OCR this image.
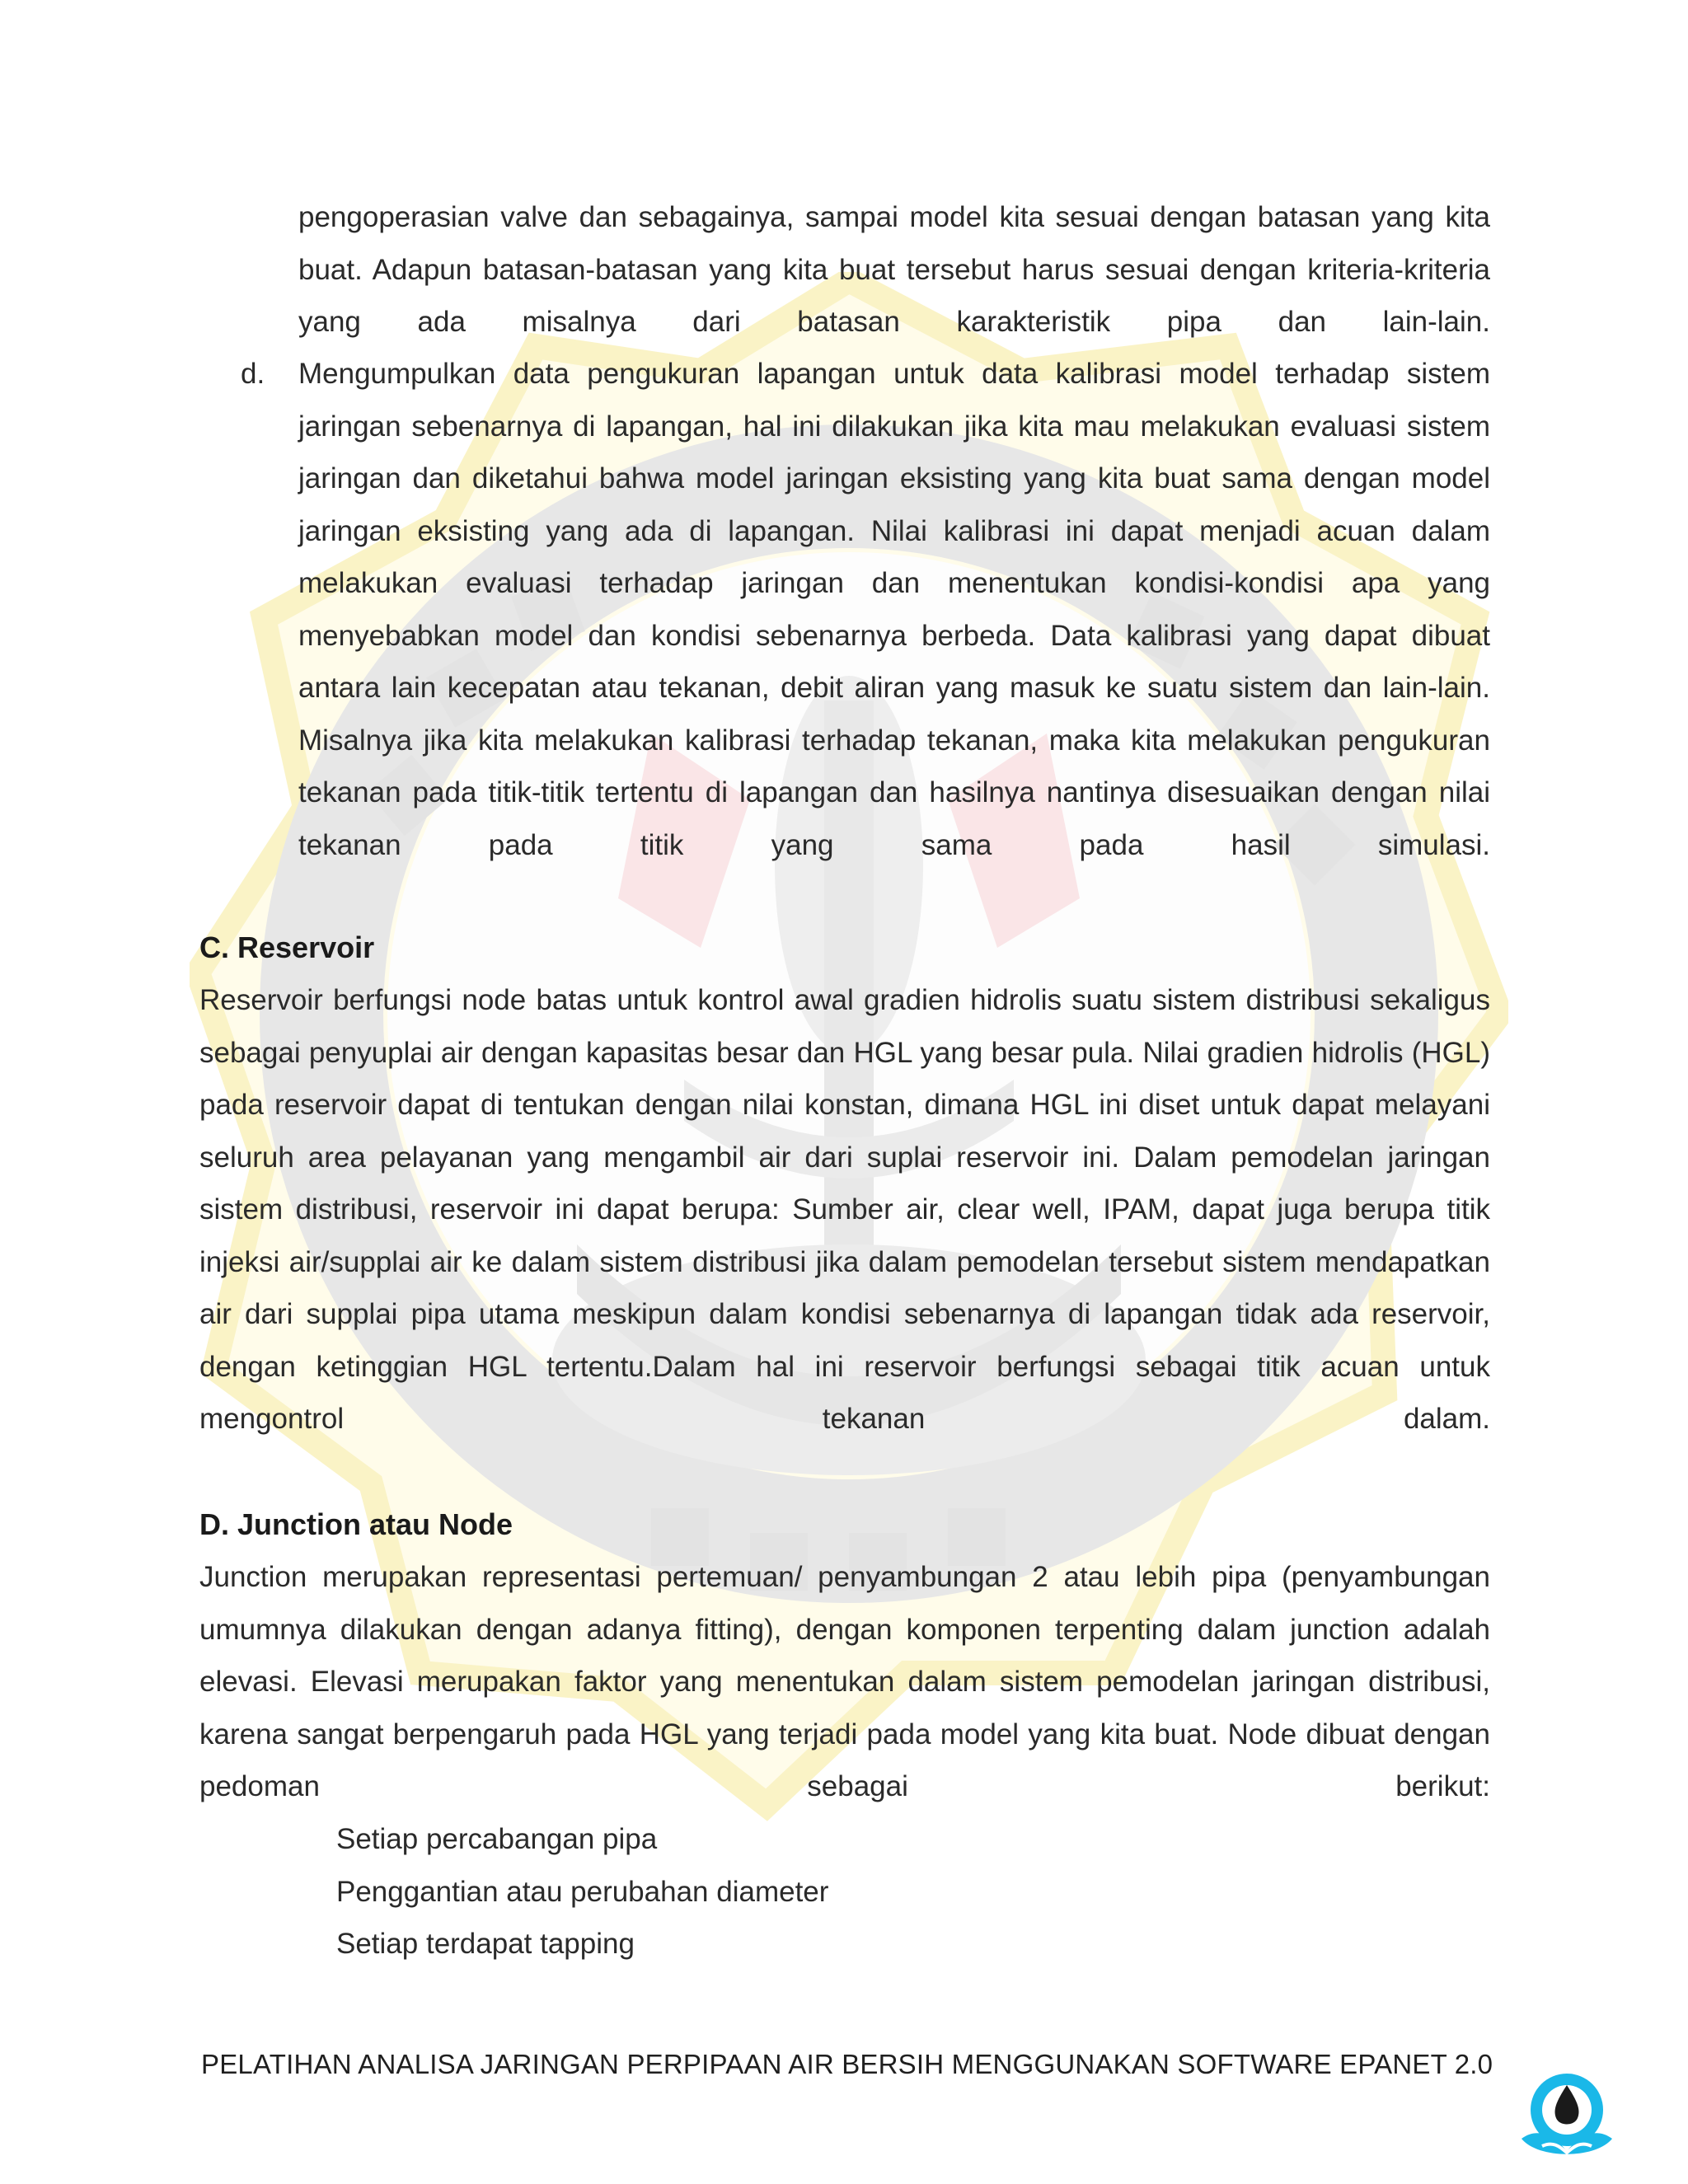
pengoperasian valve dan sebagainya, sampai model kita sesuai dengan batasan yang kita buat. Adapun batasan-batasan yang kita buat tersebut harus sesuai dengan kriteria-kriteria yang ada misalnya dari batasan karakteristik pipa dan lain-lain.
d. Mengumpulkan data pengukuran lapangan untuk data kalibrasi model terhadap sistem jaringan sebenarnya di lapangan, hal ini dilakukan jika kita mau melakukan evaluasi sistem jaringan dan diketahui bahwa model jaringan eksisting yang kita buat sama dengan model jaringan eksisting yang ada di lapangan. Nilai kalibrasi ini dapat menjadi acuan dalam melakukan evaluasi terhadap jaringan dan menentukan kondisi-kondisi apa yang menyebabkan model dan kondisi sebenarnya berbeda. Data kalibrasi yang dapat dibuat antara lain kecepatan atau tekanan, debit aliran yang masuk ke suatu sistem dan lain-lain. Misalnya jika kita melakukan kalibrasi terhadap tekanan, maka kita melakukan pengukuran tekanan pada titik-titik tertentu di lapangan dan hasilnya nantinya disesuaikan dengan nilai tekanan pada titik yang sama pada hasil simulasi.
C. Reservoir
Reservoir berfungsi node batas untuk kontrol awal gradien hidrolis suatu sistem distribusi sekaligus sebagai penyuplai air dengan kapasitas besar dan HGL yang besar pula. Nilai gradien hidrolis (HGL) pada reservoir dapat di tentukan dengan nilai konstan, dimana HGL ini diset untuk dapat melayani seluruh area pelayanan yang mengambil air dari suplai reservoir ini. Dalam pemodelan jaringan sistem distribusi, reservoir ini dapat berupa: Sumber air, clear well, IPAM, dapat juga berupa titik injeksi air/supplai air ke dalam sistem distribusi jika dalam pemodelan tersebut sistem mendapatkan air dari supplai pipa utama meskipun dalam kondisi sebenarnya di lapangan tidak ada reservoir, dengan ketinggian HGL tertentu.Dalam hal ini reservoir berfungsi sebagai titik acuan untuk mengontrol tekanan dalam.
D. Junction atau Node
Junction merupakan representasi pertemuan/ penyambungan 2 atau lebih pipa (penyambungan umumnya dilakukan dengan adanya fitting), dengan komponen terpenting dalam junction adalah elevasi. Elevasi merupakan faktor yang menentukan dalam sistem pemodelan jaringan distribusi, karena sangat berpengaruh pada HGL yang terjadi pada model yang kita buat. Node dibuat dengan pedoman sebagai berikut:
Setiap percabangan pipa
Penggantian atau perubahan diameter
Setiap terdapat tapping
PELATIHAN ANALISA JARINGAN PERPIPAAN AIR BERSIH MENGGUNAKAN SOFTWARE EPANET 2.0
